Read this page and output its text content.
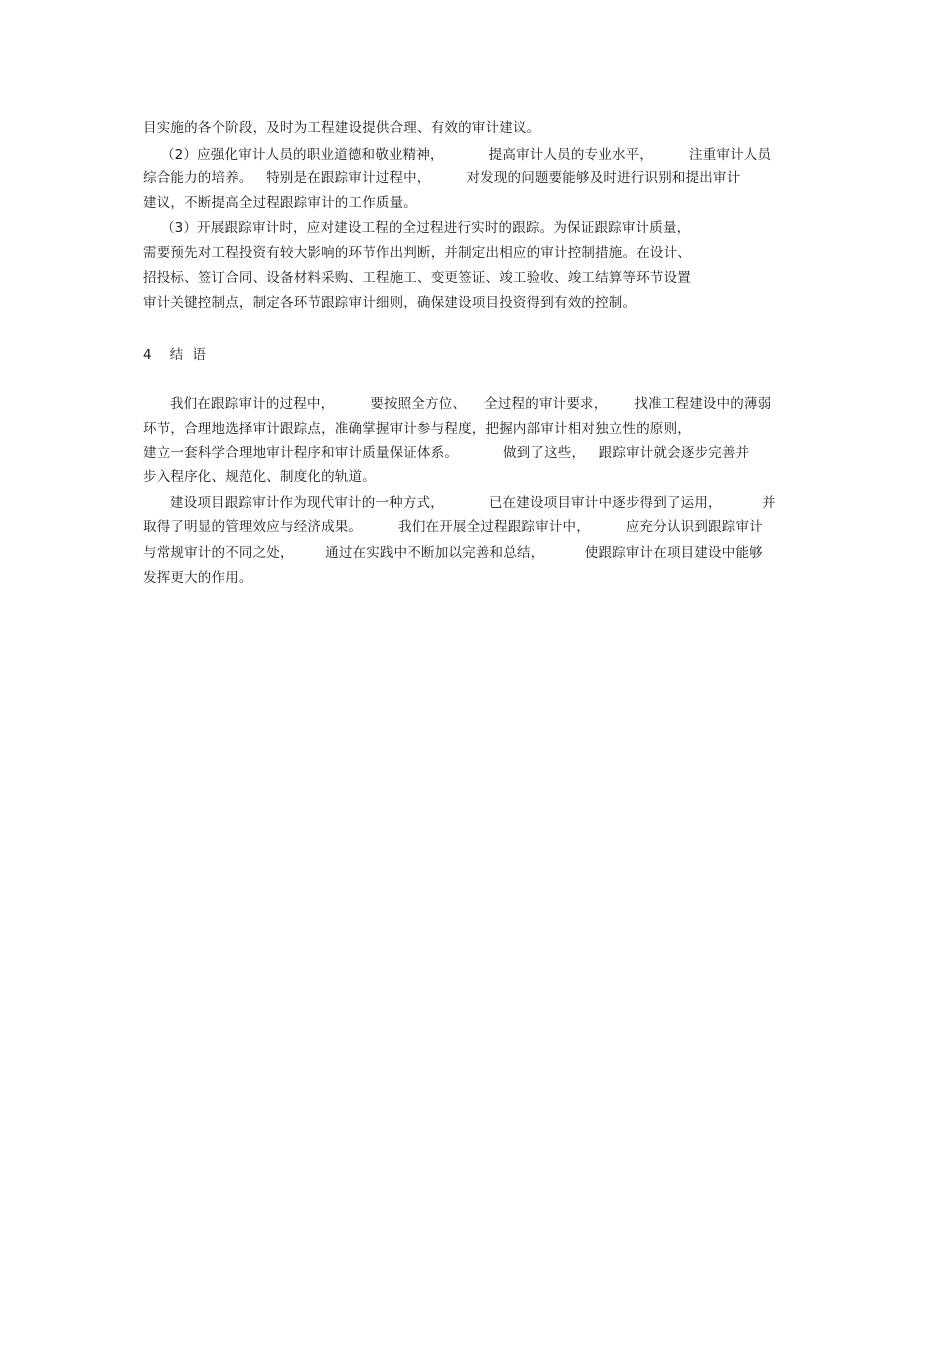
目实施的各个阶段，及时为工程建设提供合理、有效的审计建议。
（2）应强化审计人员的职业道德和敬业精神，          提高审计人员的专业水平，        注重审计人员
综合能力的培养。   特别是在跟踪审计过程中，        对发现的问题要能够及时进行识别和提出审计
建议，不断提高全过程跟踪审计的工作质量。
（3）开展跟踪审计时，应对建设工程的全过程进行实时的跟踪。为保证跟踪审计质量，
需要预先对工程投资有较大影响的环节作出判断，并制定出相应的审计控制措施。在设计、
招投标、签订合同、设备材料采购、工程施工、变更签证、竣工验收、竣工结算等环节设置
审计关键控制点，制定各环节跟踪审计细则，确保建设项目投资得到有效的控制。
4    结  语
我们在跟踪审计的过程中，        要按照全方位、    全过程的审计要求，      找准工程建设中的薄弱
环节，合理地选择审计跟踪点，准确掌握审计参与程度，把握内部审计相对独立性的原则，
建立一套科学合理地审计程序和审计质量保证体系。          做到了这些，   跟踪审计就会逐步完善并
步入程序化、规范化、制度化的轨道。
建设项目跟踪审计作为现代审计的一种方式，          已在建设项目审计中逐步得到了运用，         并
取得了明显的管理效应与经济成果。        我们在开展全过程跟踪审计中，        应充分认识到跟踪审计
与常规审计的不同之处，       通过在实践中不断加以完善和总结，         使跟踪审计在项目建设中能够
发挥更大的作用。
